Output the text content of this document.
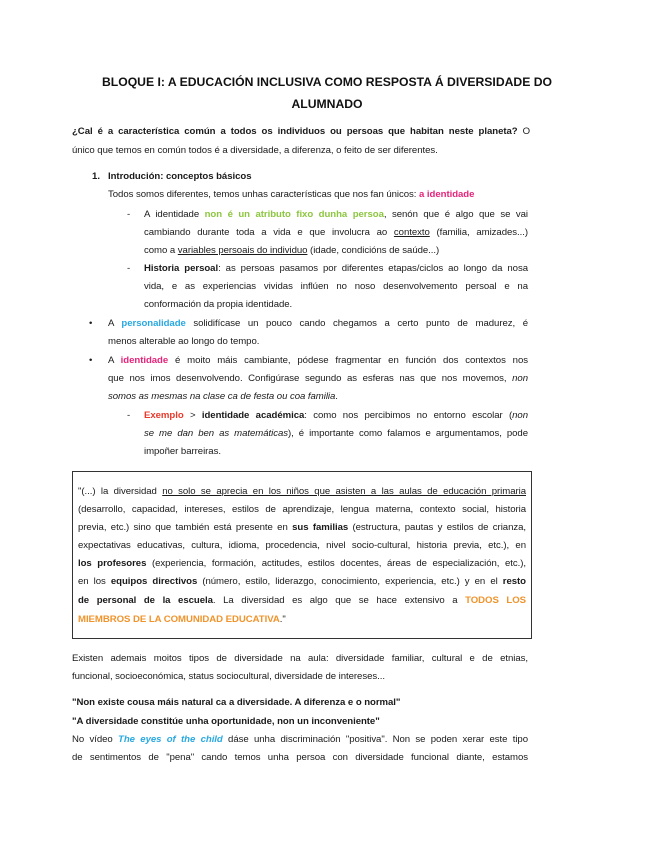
BLOQUE I: A EDUCACIÓN INCLUSIVA COMO RESPOSTA Á DIVERSIDADE DO
ALUMNADO
¿Cal é a característica común a todos os individuos ou persoas que habitan neste planeta? O
único que temos en común todos é a diversidade, a diferenza, o feito de ser diferentes.
1. Introdución: conceptos básicos
Todos somos diferentes, temos unhas características que nos fan únicos: a identidade
- A identidade non é un atributo fixo dunha persoa, senón que é algo que se vai
cambiando durante toda a vida e que involucra ao contexto (familia, amizades...)
como a variables persoais do individuo (idade, condicións de saúde...)
- Historia persoal: as persoas pasamos por diferentes etapas/ciclos ao longo da nosa
vida, e as experiencias vividas inflúen no noso desenvolvemento persoal e na
conformación da propia identidade.
• A personalidade solidifícase un pouco cando chegamos a certo punto de madurez, é
menos alterable ao longo do tempo.
• A identidade é moito máis cambiante, pódese fragmentar en función dos contextos nos
que nos imos desenvolvendo. Configúrase segundo as esferas nas que nos movemos, non
somos as mesmas na clase ca de festa ou coa familia.
- Exemplo > identidade académica: como nos percibimos no entorno escolar (non
se me dan ben as matemáticas), é importante como falamos e argumentamos, pode
impoñer barreiras.
"(...) la diversidad no solo se aprecia en los niños que asisten a las aulas de educación primaria
(desarrollo, capacidad, intereses, estilos de aprendizaje, lengua materna, contexto social, historia
previa, etc.) sino que también está presente en sus familias (estructura, pautas y estilos de crianza,
expectativas educativas, cultura, idioma, procedencia, nivel socio-cultural, historia previa, etc.), en
los profesores (experiencia, formación, actitudes, estilos docentes, áreas de especialización, etc.),
en los equipos directivos (número, estilo, liderazgo, conocimiento, experiencia, etc.) y en el resto
de personal de la escuela. La diversidad es algo que se hace extensivo a TODOS LOS
MIEMBROS DE LA COMUNIDAD EDUCATIVA."
Existen ademais moitos tipos de diversidade na aula: diversidade familiar, cultural e de etnias,
funcional, socioeconómica, status sociocultural, diversidade de intereses...
"Non existe cousa máis natural ca a diversidade. A diferenza e o normal"
"A diversidade constitúe unha oportunidade, non un inconveniente"
No vídeo The eyes of the child dáse unha discriminación "positiva". Non se poden xerar este tipo
de sentimentos de "pena" cando temos unha persoa con diversidade funcional diante, estamos
